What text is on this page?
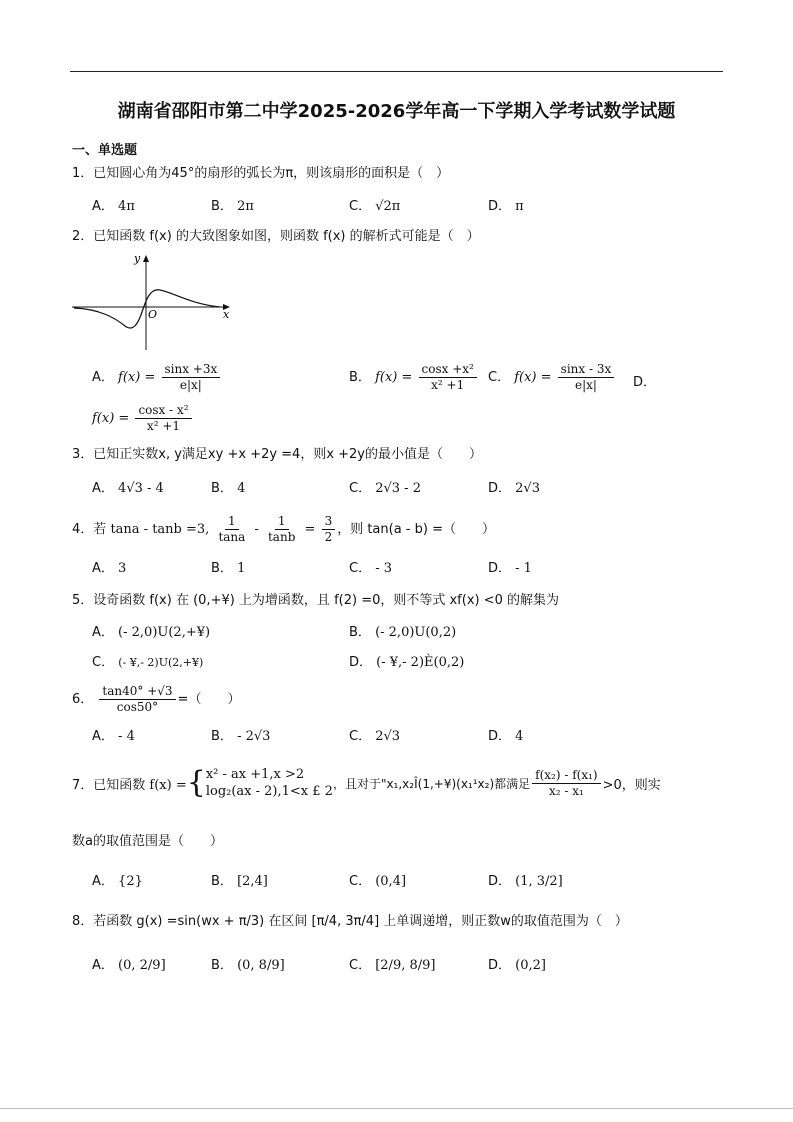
湖南省邵阳市第二中学2025-2026学年高一下学期入学考试数学试题
一、单选题
1．已知圆心角为45°的扇形的弧长为π，则该扇形的面积是（　）
A． 4π	B． 2π	C． √2π	D． π
2．已知函数 f(x) 的大致图象如图，则函数 f(x) 的解析式可能是（　）
y
x
O
A． $f(x) = \frac{\sin x +3x}{e|x|}$	B． $f(x) = \frac{\text{cosx +x²}}{\text{x² +1}}$ C． $f(x) = \frac{\sin x - 3x}{e|x|}$ D．
$f(x) = \frac{\text{cosx - x²}}{\text{x² +1}}$
3．已知正实数x, y满足xy +x +2y =4，则x +2y的最小值是（　　）
A． 4√3 - 4	B． 4	C． 2√3 - 2	D． 2√3
4．若 tana - tanb =3, $\frac{1}{\tan a} - \frac{1}{\tan b} = \frac{3}{2}$ ，则 tan(a - b) =（　　）
A． 3	B． 1	C． - 3	D． - 1
5．设奇函数 f(x) 在 (0,+¥) 上为增函数，且 f(2) =0，则不等式 xf(x) <0 的解集为
A． (- 2,0)U(2,+¥)	B． (- 2,0)U(0,2)
C． (- ¥,- 2)U(2,+¥)	D． (- ¥,- 2)È(0,2)
6． $\frac{\tan 40^\circ +√3}{\cos 50^\circ}$ =（　　）
A． - 4	B． - 2√3	C． 2√3	D． 4
7． 已知函数 f(x) = { x² - ax +1,x >2
log₂(ax - 2),1<x £ 2
，且对于"x₁,x₂Î(1,+¥)(x₁¹x₂)都满足 $\frac{\text{f(x₂) - f(x₁)}}{\text{x₂ - x₁}} >0$，则实
数a的取值范围是（　　）
A． {2}	B． [2,4]	C． (0,4]	D． (1, 3/2]
8．若函数 g(x) =sin(wx + π/3) 在区间 [π/4, 3π/4] 上单调递增，则正数w的取值范围为（　）
A． (0, 2/9]	B． (0, 8/9]	C． [2/9, 8/9]	D． (0,2]
